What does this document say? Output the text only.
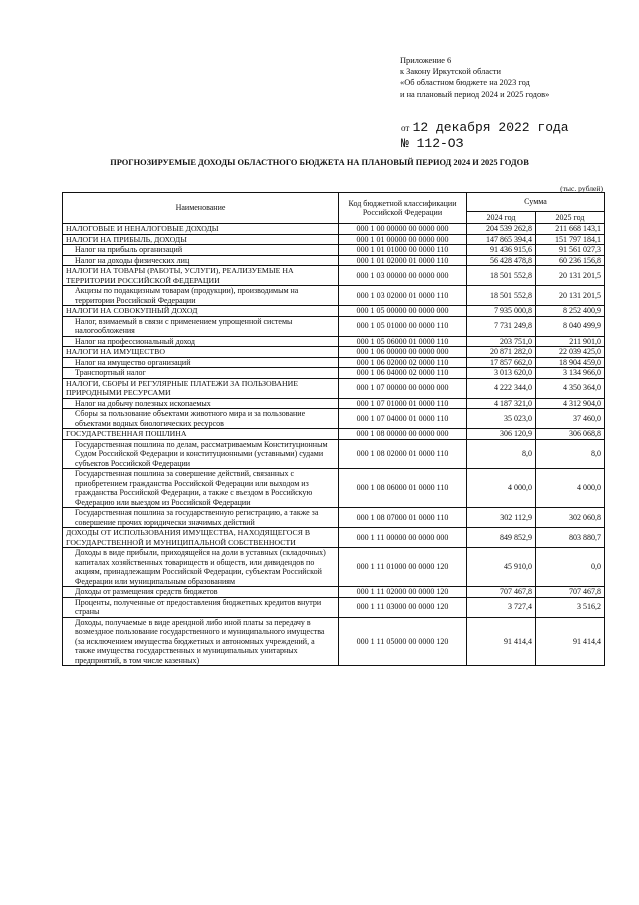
Приложение 6
к Закону Иркутской области
«Об областном бюджете на 2023 год
и на плановый период 2024 и 2025 годов»
от 12 декабря 2022 года
№ 112-ОЗ
ПРОГНОЗИРУЕМЫЕ ДОХОДЫ ОБЛАСТНОГО БЮДЖЕТА НА ПЛАНОВЫЙ ПЕРИОД 2024 И 2025 ГОДОВ
(тыс. рублей)
Наименование	Код бюджетной классификации Российской Федерации	Сумма	
		2024 год	2025 год
НАЛОГОВЫЕ И НЕНАЛОГОВЫЕ ДОХОДЫ	000 1 00 00000 00 0000 000	204 539 262,8	211 668 143,1
НАЛОГИ НА ПРИБЫЛЬ, ДОХОДЫ	000 1 01 00000 00 0000 000	147 865 394,4	151 797 184,1
Налог на прибыль организаций	000 1 01 01000 00 0000 110	91 436 915,6	91 561 027,3
Налог на доходы физических лиц	000 1 01 02000 01 0000 110	56 428 478,8	60 236 156,8
НАЛОГИ НА ТОВАРЫ (РАБОТЫ, УСЛУГИ), РЕАЛИЗУЕМЫЕ НА ТЕРРИТОРИИ РОССИЙСКОЙ ФЕДЕРАЦИИ	000 1 03 00000 00 0000 000	18 501 552,8	20 131 201,5
Акцизы по подакцизным товарам (продукции), производимым на территории Российской Федерации	000 1 03 02000 01 0000 110	18 501 552,8	20 131 201,5
НАЛОГИ НА СОВОКУПНЫЙ ДОХОД	000 1 05 00000 00 0000 000	7 935 000,8	8 252 400,9
Налог, взимаемый в связи с применением упрощенной системы налогообложения	000 1 05 01000 00 0000 110	7 731 249,8	8 040 499,9
Налог на профессиональный доход	000 1 05 06000 01 0000 110	203 751,0	211 901,0
НАЛОГИ НА ИМУЩЕСТВО	000 1 06 00000 00 0000 000	20 871 282,0	22 039 425,0
Налог на имущество организаций	000 1 06 02000 02 0000 110	17 857 662,0	18 904 459,0
Транспортный налог	000 1 06 04000 02 0000 110	3 013 620,0	3 134 966,0
НАЛОГИ, СБОРЫ И РЕГУЛЯРНЫЕ ПЛАТЕЖИ ЗА ПОЛЬЗОВАНИЕ ПРИРОДНЫМИ РЕСУРСАМИ	000 1 07 00000 00 0000 000	4 222 344,0	4 350 364,0
Налог на добычу полезных ископаемых	000 1 07 01000 01 0000 110	4 187 321,0	4 312 904,0
Сборы за пользование объектами животного мира и за пользование объектами водных биологических ресурсов	000 1 07 04000 01 0000 110	35 023,0	37 460,0
ГОСУДАРСТВЕННАЯ ПОШЛИНА	000 1 08 00000 00 0000 000	306 120,9	306 068,8
Государственная пошлина по делам, рассматриваемым Конституционным Судом Российской Федерации и конституционными (уставными) судами субъектов Российской Федерации	000 1 08 02000 01 0000 110	8,0	8,0
Государственная пошлина за совершение действий, связанных с приобретением гражданства Российской Федерации или выходом из гражданства Российской Федерации, а также с въездом в Российскую Федерацию или выездом из Российской Федерации	000 1 08 06000 01 0000 110	4 000,0	4 000,0
Государственная пошлина за государственную регистрацию, а также за совершение прочих юридически значимых действий	000 1 08 07000 01 0000 110	302 112,9	302 060,8
ДОХОДЫ ОТ ИСПОЛЬЗОВАНИЯ ИМУЩЕСТВА, НАХОДЯЩЕГОСЯ В ГОСУДАРСТВЕННОЙ И МУНИЦИПАЛЬНОЙ СОБСТВЕННОСТИ	000 1 11 00000 00 0000 000	849 852,9	803 880,7
Доходы в виде прибыли, приходящейся на доли в уставных (складочных) капиталах хозяйственных товариществ и обществ, или дивидендов по акциям, принадлежащим Российской Федерации, субъектам Российской Федерации или муниципальным образованиям	000 1 11 01000 00 0000 120	45 910,0	0,0
Доходы от размещения средств бюджетов	000 1 11 02000 00 0000 120	707 467,8	707 467,8
Проценты, полученные от предоставления бюджетных кредитов внутри страны	000 1 11 03000 00 0000 120	3 727,4	3 516,2
Доходы, получаемые в виде арендной либо иной платы за передачу в возмездное пользование государственного и муниципального имущества (за исключением имущества бюджетных и автономных учреждений, а также имущества государственных и муниципальных унитарных предприятий, в том числе казенных)	000 1 11 05000 00 0000 120	91 414,4	91 414,4
